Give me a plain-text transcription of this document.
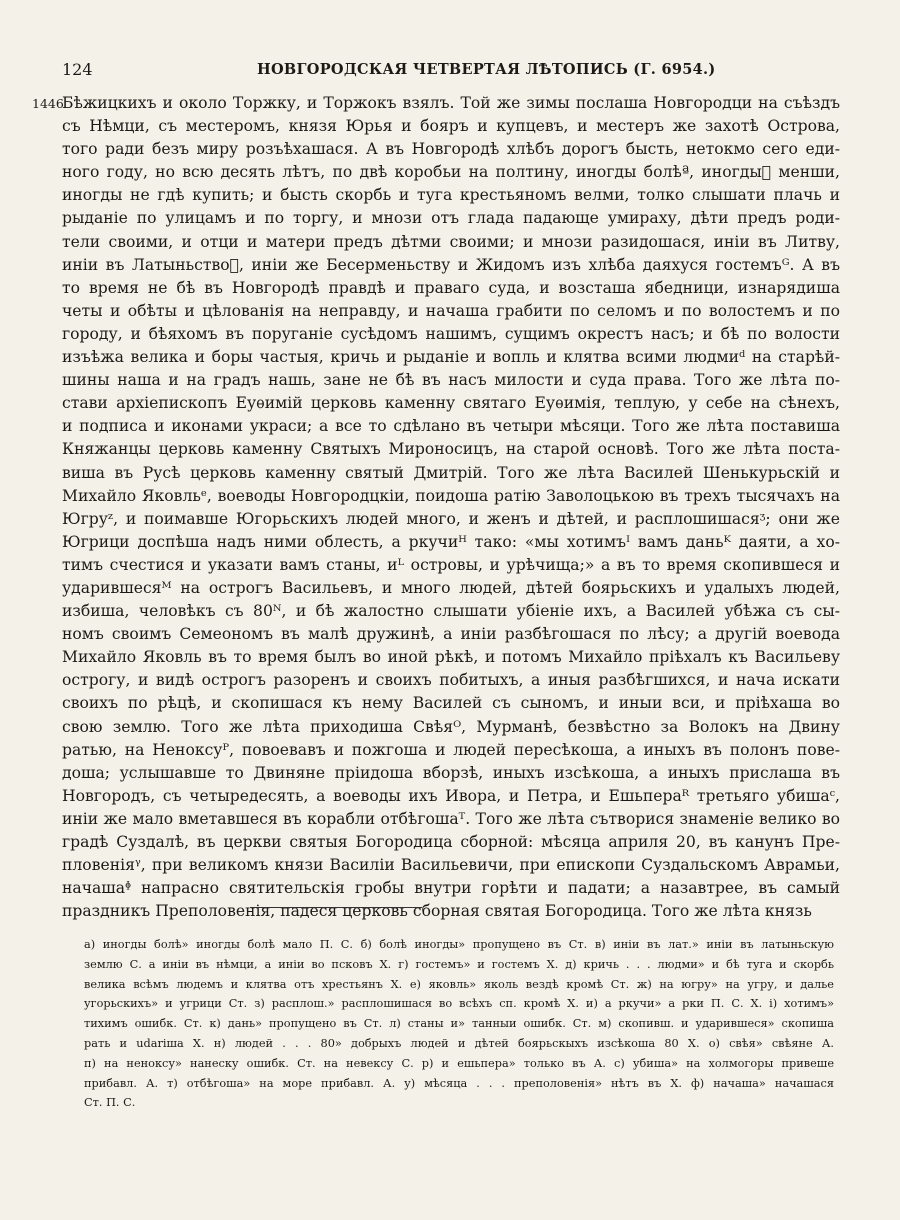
124	НОВГОРОДСКАЯ ЧЕТВЕРТАЯ ЛѢТОПИСЬ (Г. 6954.)
1446
Бѣжицкихъ и около Торжку, и Торжокъ взялъ. Той же зимы послаша Новгородци на съѣздъ
съ Нѣмци, съ местеромъ, князя Юрья и бояръ и купцевъ, и местеръ же захотѣ Острова,
того ради безъ миру розъѣхашася. А въ Новгородѣ хлѣбъ дорогъ бысть, нетокмо сего еди-
ного году, но всю десять лѣтъ, по двѣ коробьи на полтину, иногды болѣª, иногды᪵ менши,
иногды не гдѣ купить; и бысть скорбь и туга крестьяномъ велми, толко слышати плачь и
рыданіе по улицамъ и по торгу, и мнози отъ глада падающе умираху, дѣти предъ роди-
тели своими, и отци и матери предъ дѣтми своими; и мнози разидошася, иніи въ Литву,
иніи въ Латыньство᪵, иніи же Бесерменьству и Жидомъ изъ хлѣба даяхуся гостемъᴳ. А въ
то время не бѣ въ Новгородѣ правдѣ и праваго суда, и возсташа ябедници, изнарядиша
четы и обѣты и цѣлованія на неправду, и начаша грабити по селомъ и по волостемъ и по
городу, и бѣяхомъ въ поруганіе сусѣдомъ нашимъ, сущимъ окрестъ насъ; и бѣ по волости
изъѣжа велика и боры частыя, кричь и рыданіе и вопль и клятва всими людмиᵈ на старѣй-
шины наша и на градъ нашь, зане не бѣ въ насъ милости и суда права. Того же лѣта по-
стави архіепископъ Еуѳимій церковь каменну святаго Еуѳимія, теплую, у себе на сѣнехъ,
и подписа и иконами украси; а все то сдѣлано въ четыри мѣсяци. Того же лѣта поставиша
Княжанцы церковь каменну Святыхъ Мироносицъ, на старой основѣ. Того же лѣта поста-
виша въ Русѣ церковь каменну святый Дмитрій. Того же лѣта Василей Шенькурьскій и
Михайло Яковльᵉ, воеводы Новгородцкіи, поидоша ратію Заволоцькою въ трехъ тысячахъ на
Югруᶻ, и поимавше Югорьскихъ людей много, и женъ и дѣтей, и расплошишасяᶾ; они же
Югрици доспѣша надъ ними облесть, а ркучиᴴ тако: «мы хотимъᴵ вамъ даньᴷ даяти, а хо-
тимъ счестися и указати вамъ станы, иᴸ островы, и урѣчища;» а въ то время скопившеся и
ударившесяᴹ на острогъ Васильевъ, и много людей, дѣтей боярьскихъ и удалыхъ людей,
избиша, человѣкъ съ 80ᴺ, и бѣ жалостно слышати убіеніе ихъ, а Василей убѣжа съ сы-
номъ своимъ Семеономъ въ малѣ дружинѣ, а иніи разбѣгошася по лѣсу; а другій воевода
Михайло Яковль въ то время былъ во иной рѣкѣ, и потомъ Михайло пріѣхалъ къ Васильеву
острогу, и видѣ острогъ разоренъ и своихъ побитыхъ, а иныя разбѣгшихся, и нача искати
своихъ по рѣцѣ, и скопишася къ нему Василей съ сыномъ, и иныи вси, и пріѣхаша во
свою землю. Того же лѣта приходиша Свѣяᴼ, Мурманѣ, безвѣстно за Волокъ на Двину
ратью, на Неноксуᴾ, повоевавъ и пожгоша и людей пересѣкоша, а иныхъ въ полонъ пове-
доша; услышавше то Двиняне пріидоша вборзѣ, иныхъ изсѣкоша, а иныхъ прислаша въ
Новгородъ, съ четыредесять, а воеводы ихъ Ивора, и Петра, и Ешьпераᴿ третьяго убишаᶜ,
иніи же мало вметавшеся въ корабли отбѣгошаᵀ. Того же лѣта сътворися знаменіе велико во
градѣ Суздалѣ, въ церкви святыя Богородица сборной: мѣсяца априля 20, въ канунъ Пре-
пловеніяᵞ, при великомъ князи Василіи Васильевичи, при епископи Суздальскомъ Аврамьи,
начашаᶲ напрасно святительскія гробы внутри горѣти и падати; а назавтрее, въ самый
праздникъ Преполовенія, падеся церковь сборная святая Богородица. Того же лѣта князь
а) иногды болѣ» иногды болѣ мало П. С. б) болѣ иногды» пропущено въ Ст. в) иніи въ лат.» иніи въ латыньскую
землю С. а иніи въ нѣмци, а иніи во псковъ Х. г) гостемъ» и гостемъ Х. д) кричь . . . людми» и бѣ туга и скорбь
велика всѣмъ людемъ и клятва отъ хрестьянъ Х. е) яковль» яколь вездѣ кромѣ Ст. ж) на югру» на угру, и далье
угорьскихъ» и угрици Ст. з) расплош.» расплошишася во всѣхъ сп. кромѣ Х. и) а ркучи» а рки П. С. Х. і) хотимъ»
тихимъ ошибк. Ст. к) дань» пропущено въ Ст. л) станы и» танныи ошибк. Ст. м) скопивш. и ударившеся» скопиша
рать и udariша Х. н) людей . . . 80» добрыхъ людей и дѣтей боярьскыхъ изсѣкоша 80 Х. о) свѣя» свѣяне А.
п) на неноксу» нанеску ошибк. Ст. на невексу С. р) и ешьпера» только въ А. с) убиша» на холмогоры привеше
прибавл. А. т) отбѣгоша» на море прибавл. А. у) мѣсяца . . . преполовенія» нѣтъ въ Х. ф) начаша» начашася
Ст. П. С.
